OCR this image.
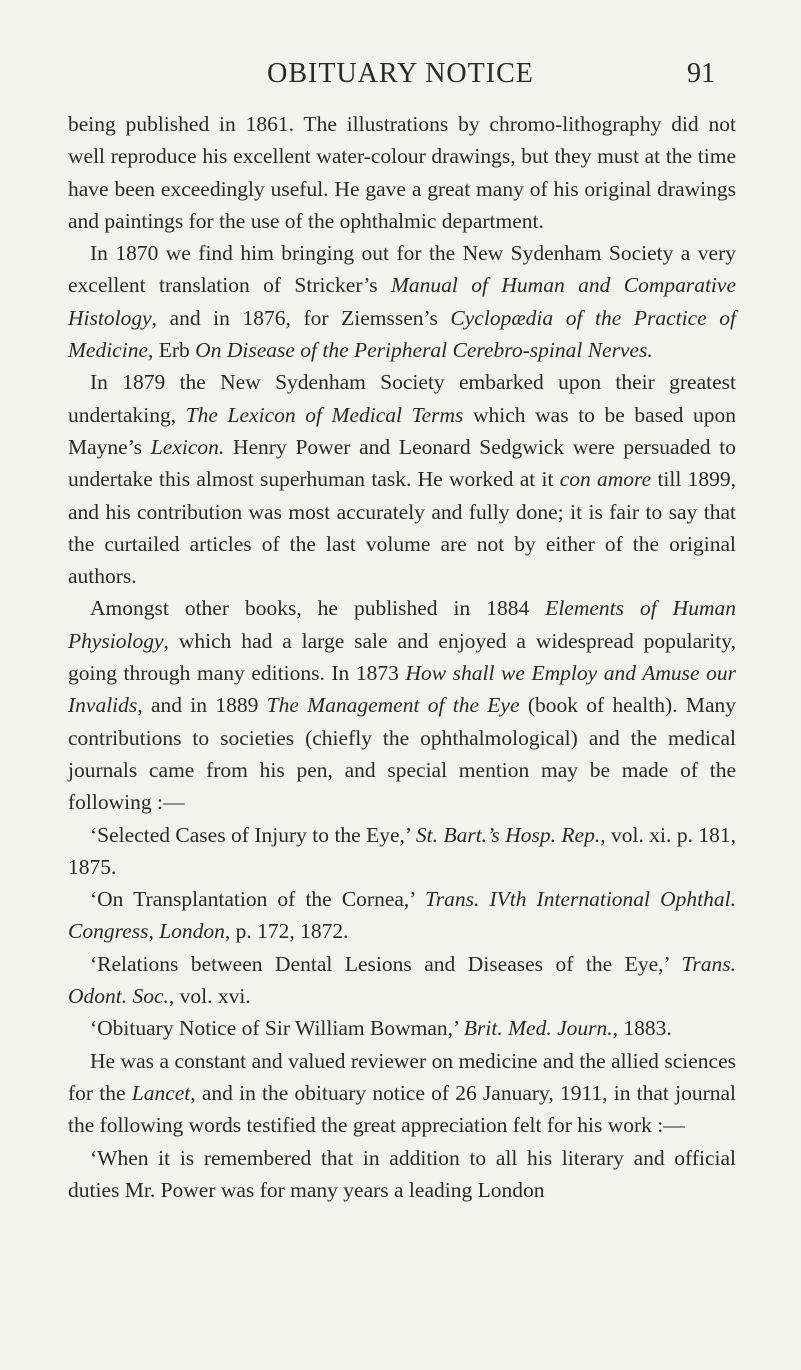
OBITUARY NOTICE	91

being published in 1861. The illustrations by chromo-lithography did not well reproduce his excellent water-colour drawings, but they must at the time have been exceedingly useful. He gave a great many of his original drawings and paintings for the use of the ophthalmic department.

In 1870 we find him bringing out for the New Sydenham Society a very excellent translation of Stricker’s Manual of Human and Comparative Histology, and in 1876, for Ziemssen’s Cyclopædia of the Practice of Medicine, Erb On Disease of the Peripheral Cerebro-spinal Nerves.

In 1879 the New Sydenham Society embarked upon their greatest undertaking, The Lexicon of Medical Terms which was to be based upon Mayne’s Lexicon. Henry Power and Leonard Sedgwick were persuaded to undertake this almost superhuman task. He worked at it con amore till 1899, and his contribution was most accurately and fully done; it is fair to say that the curtailed articles of the last volume are not by either of the original authors.

Amongst other books, he published in 1884 Elements of Human Physiology, which had a large sale and enjoyed a widespread popularity, going through many editions. In 1873 How shall we Employ and Amuse our Invalids, and in 1889 The Management of the Eye (book of health). Many contributions to societies (chiefly the ophthalmological) and the medical journals came from his pen, and special mention may be made of the following :—

‘Selected Cases of Injury to the Eye,’ St. Bart.’s Hosp. Rep., vol. xi. p. 181, 1875.

‘On Transplantation of the Cornea,’ Trans. IVth International Ophthal. Congress, London, p. 172, 1872.

‘Relations between Dental Lesions and Diseases of the Eye,’ Trans. Odont. Soc., vol. xvi.

‘Obituary Notice of Sir William Bowman,’ Brit. Med. Journ., 1883.

He was a constant and valued reviewer on medicine and the allied sciences for the Lancet, and in the obituary notice of 26 January, 1911, in that journal the following words testified the great appreciation felt for his work :—

‘When it is remembered that in addition to all his literary and official duties Mr. Power was for many years a leading London
